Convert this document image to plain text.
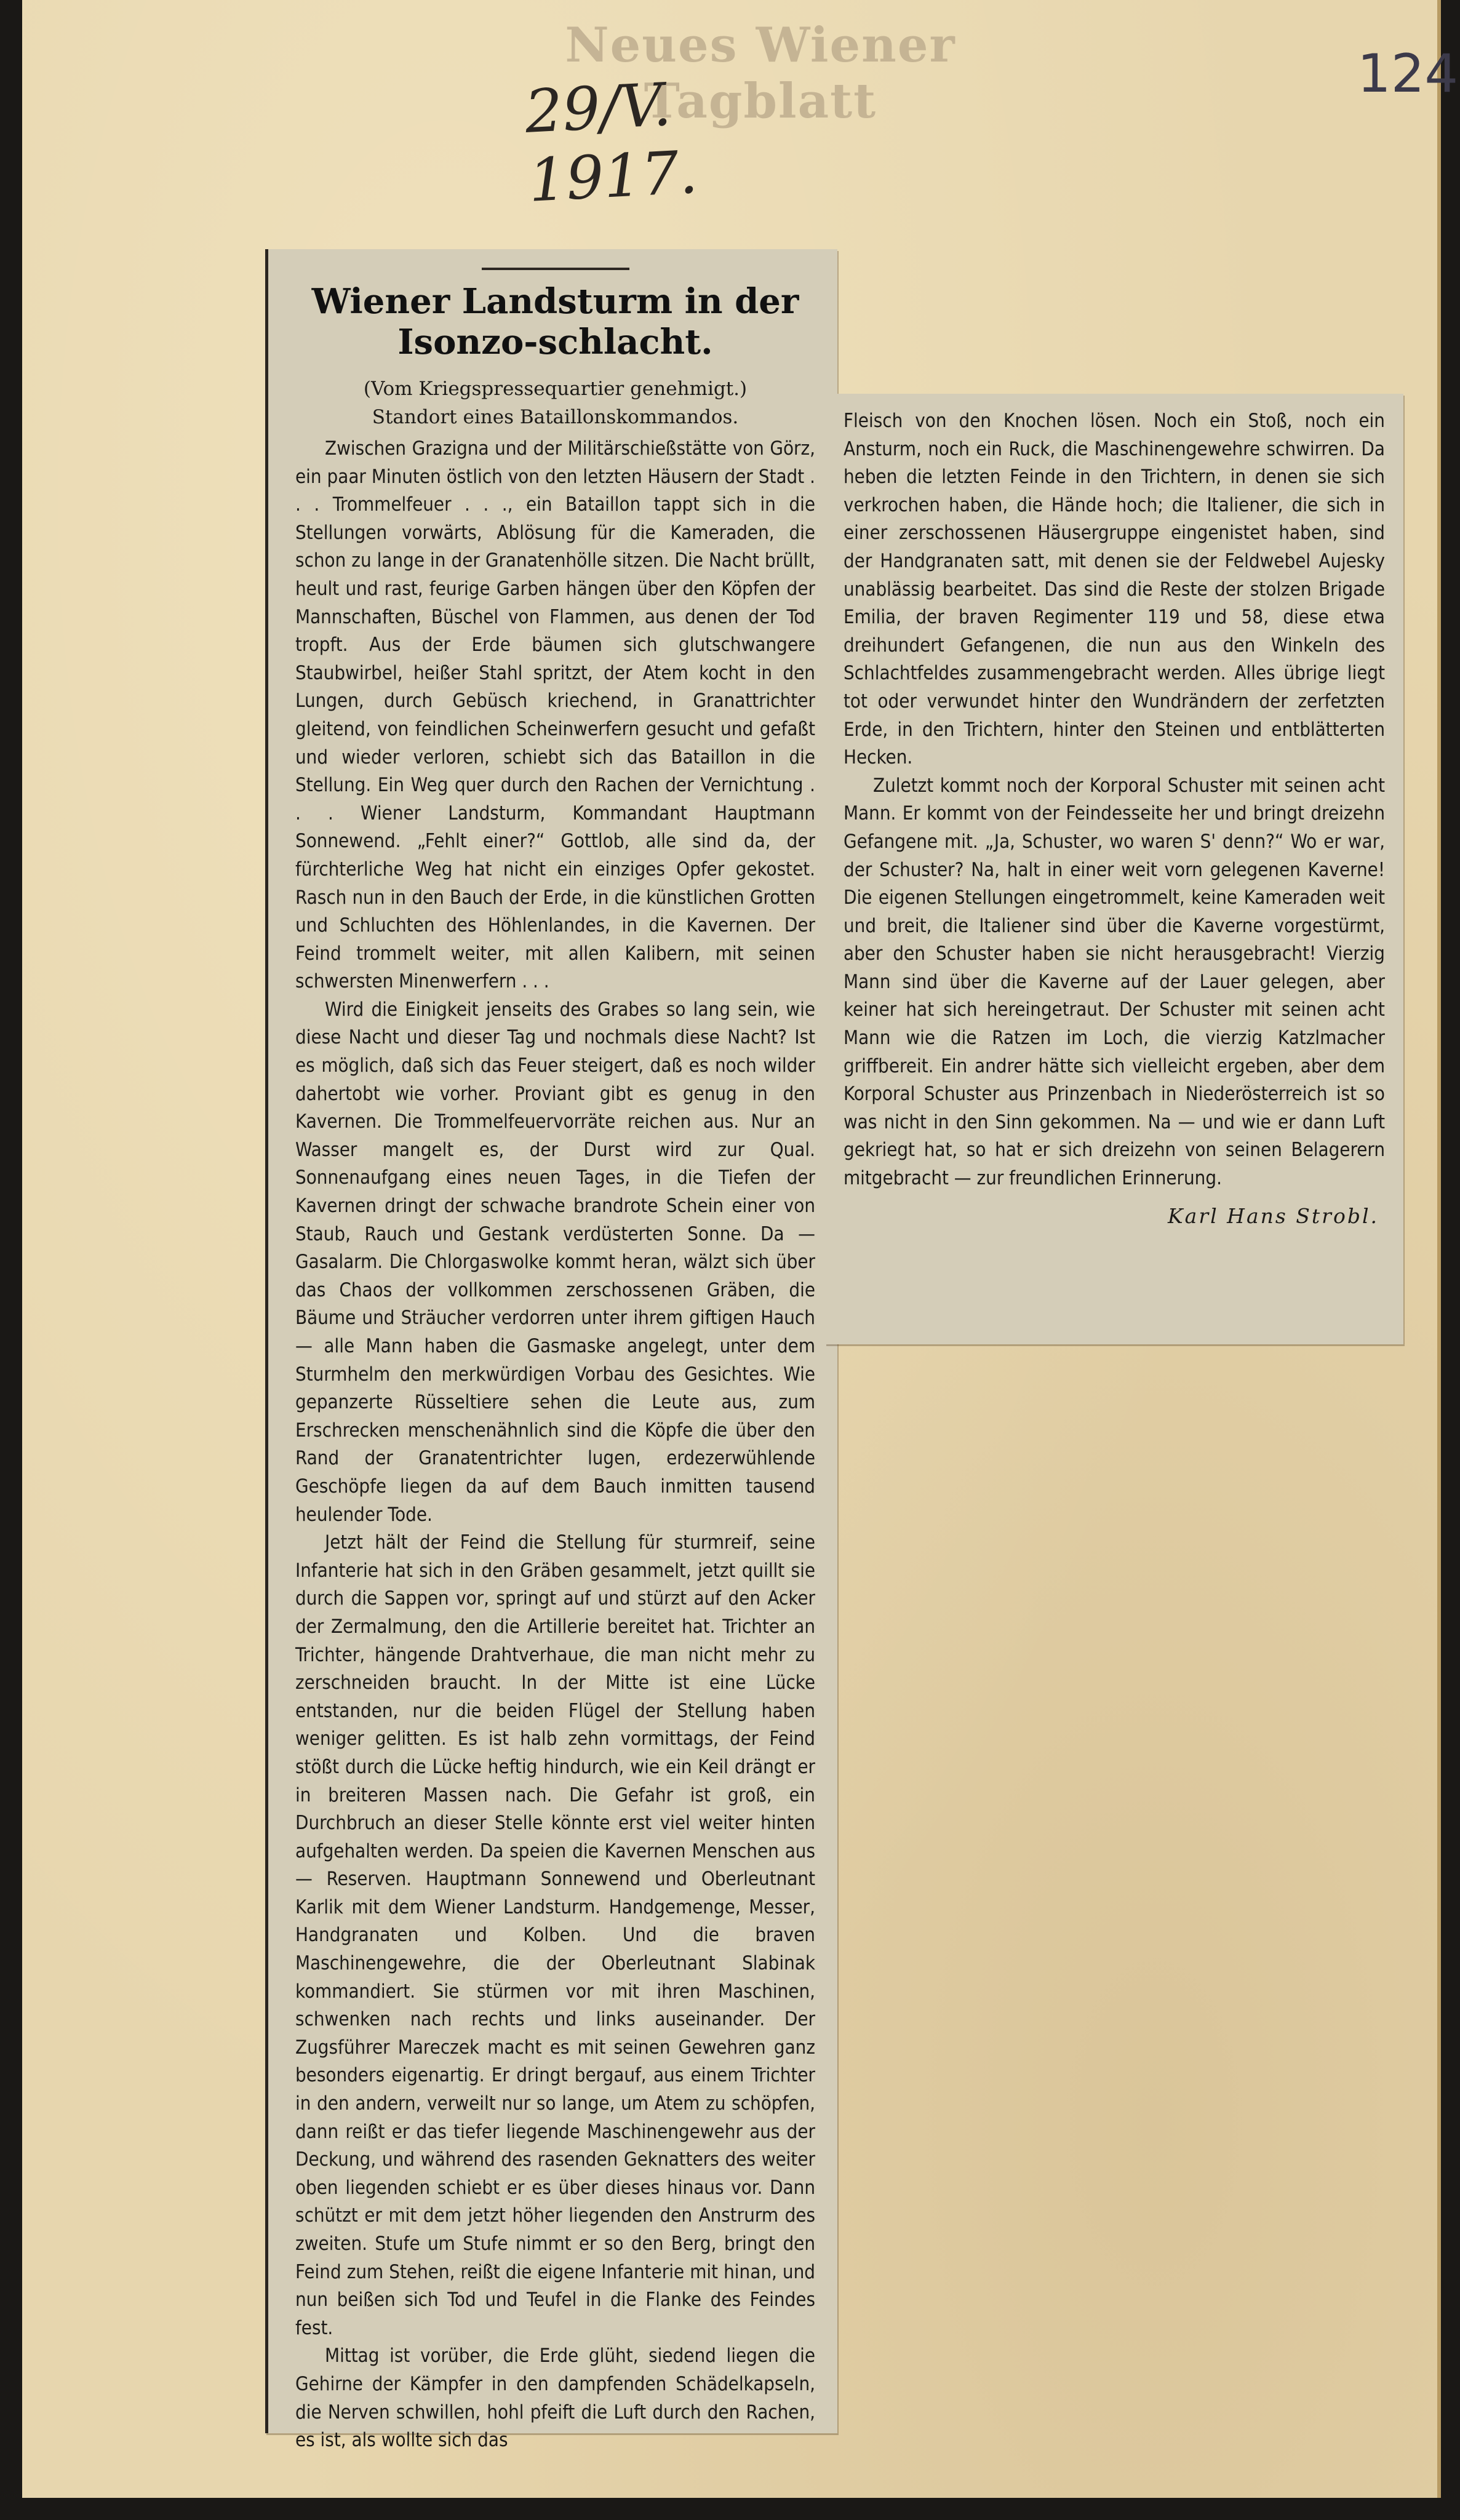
Neues Wiener Tagblatt
29/V. 1917.
124
Wiener Landsturm in der Isonzo-schlacht.

(Vom Kriegspressequartier genehmigt.)

Standort eines Bataillonskommandos.

Zwischen Grazigna und der Militärschießstätte von Görz, ein paar Minuten östlich von den letzten Häusern der Stadt . . . Trommelfeuer . . ., ein Bataillon tappt sich in die Stellungen vorwärts, Ablösung für die Kameraden, die schon zu lange in der Granatenhölle sitzen. Die Nacht brüllt, heult und rast, feurige Garben hängen über den Köpfen der Mannschaften, Büschel von Flammen, aus denen der Tod tropft. Aus der Erde bäumen sich glutschwangere Staubwirbel, heißer Stahl spritzt, der Atem kocht in den Lungen, durch Gebüsch kriechend, in Granattrichter gleitend, von feindlichen Scheinwerfern gesucht und gefaßt und wieder verloren, schiebt sich das Bataillon in die Stellung. Ein Weg quer durch den Rachen der Vernichtung . . . Wiener Landsturm, Kommandant Hauptmann Sonnewend. „Fehlt einer?“ Gottlob, alle sind da, der fürchterliche Weg hat nicht ein einziges Opfer gekostet. Rasch nun in den Bauch der Erde, in die künstlichen Grotten und Schluchten des Höhlenlandes, in die Kavernen. Der Feind trommelt weiter, mit allen Kalibern, mit seinen schwersten Minenwerfern . . .

Wird die Einigkeit jenseits des Grabes so lang sein, wie diese Nacht und dieser Tag und nochmals diese Nacht? Ist es möglich, daß sich das Feuer steigert, daß es noch wilder dahertobt wie vorher. Proviant gibt es genug in den Kavernen. Die Trommelfeuervorräte reichen aus. Nur an Wasser mangelt es, der Durst wird zur Qual. Sonnenaufgang eines neuen Tages, in die Tiefen der Kavernen dringt der schwache brandrote Schein einer von Staub, Rauch und Gestank verdüsterten Sonne. Da — Gasalarm. Die Chlorgaswolke kommt heran, wälzt sich über das Chaos der vollkommen zerschossenen Gräben, die Bäume und Sträucher verdorren unter ihrem giftigen Hauch — alle Mann haben die Gasmaske angelegt, unter dem Sturmhelm den merkwürdigen Vorbau des Gesichtes. Wie gepanzerte Rüsseltiere sehen die Leute aus, zum Erschrecken menschenähnlich sind die Köpfe die über den Rand der Granatentrichter lugen, erdezerwühlende Geschöpfe liegen da auf dem Bauch inmitten tausend heulender Tode.

Jetzt hält der Feind die Stellung für sturmreif, seine Infanterie hat sich in den Gräben gesammelt, jetzt quillt sie durch die Sappen vor, springt auf und stürzt auf den Acker der Zermalmung, den die Artillerie bereitet hat. Trichter an Trichter, hängende Drahtverhaue, die man nicht mehr zu zerschneiden braucht. In der Mitte ist eine Lücke entstanden, nur die beiden Flügel der Stellung haben weniger gelitten. Es ist halb zehn vormittags, der Feind stößt durch die Lücke heftig hindurch, wie ein Keil drängt er in breiteren Massen nach. Die Gefahr ist groß, ein Durchbruch an dieser Stelle könnte erst viel weiter hinten aufgehalten werden. Da speien die Kavernen Menschen aus — Reserven. Hauptmann Sonnewend und Oberleutnant Karlik mit dem Wiener Landsturm. Handgemenge, Messer, Handgranaten und Kolben. Und die braven Maschinengewehre, die der Oberleutnant Slabinak kommandiert. Sie stürmen vor mit ihren Maschinen, schwenken nach rechts und links auseinander. Der Zugsführer Mareczek macht es mit seinen Gewehren ganz besonders eigenartig. Er dringt bergauf, aus einem Trichter in den andern, verweilt nur so lange, um Atem zu schöpfen, dann reißt er das tiefer liegende Maschinengewehr aus der Deckung, und während des rasenden Geknatters des weiter oben liegenden schiebt er es über dieses hinaus vor. Dann schützt er mit dem jetzt höher liegenden den Anstrurm des zweiten. Stufe um Stufe nimmt er so den Berg, bringt den Feind zum Stehen, reißt die eigene Infanterie mit hinan, und nun beißen sich Tod und Teufel in die Flanke des Feindes fest.

Mittag ist vorüber, die Erde glüht, siedend liegen die Gehirne der Kämpfer in den dampfenden Schädelkapseln, die Nerven schwillen, hohl pfeift die Luft durch den Rachen, es ist, als wollte sich das

Fleisch von den Knochen lösen. Noch ein Stoß, noch ein Ansturm, noch ein Ruck, die Maschinengewehre schwirren. Da heben die letzten Feinde in den Trichtern, in denen sie sich verkrochen haben, die Hände hoch; die Italiener, die sich in einer zerschossenen Häusergruppe eingenistet haben, sind der Handgranaten satt, mit denen sie der Feldwebel Aujesky unablässig bearbeitet. Das sind die Reste der stolzen Brigade Emilia, der braven Regimenter 119 und 58, diese etwa dreihundert Gefangenen, die nun aus den Winkeln des Schlachtfeldes zusammengebracht werden. Alles übrige liegt tot oder verwundet hinter den Wundrändern der zerfetzten Erde, in den Trichtern, hinter den Steinen und entblätterten Hecken.

Zuletzt kommt noch der Korporal Schuster mit seinen acht Mann. Er kommt von der Feindesseite her und bringt dreizehn Gefangene mit. „Ja, Schuster, wo waren S' denn?“ Wo er war, der Schuster? Na, halt in einer weit vorn gelegenen Kaverne! Die eigenen Stellungen eingetrommelt, keine Kameraden weit und breit, die Italiener sind über die Kaverne vorgestürmt, aber den Schuster haben sie nicht herausgebracht! Vierzig Mann sind über die Kaverne auf der Lauer gelegen, aber keiner hat sich hereingetraut. Der Schuster mit seinen acht Mann wie die Ratzen im Loch, die vierzig Katzlmacher griffbereit. Ein andrer hätte sich vielleicht ergeben, aber dem Korporal Schuster aus Prinzenbach in Niederösterreich ist so was nicht in den Sinn gekommen. Na — und wie er dann Luft gekriegt hat, so hat er sich dreizehn von seinen Belagerern mitgebracht — zur freundlichen Erinnerung.

Karl Hans Strobl.
